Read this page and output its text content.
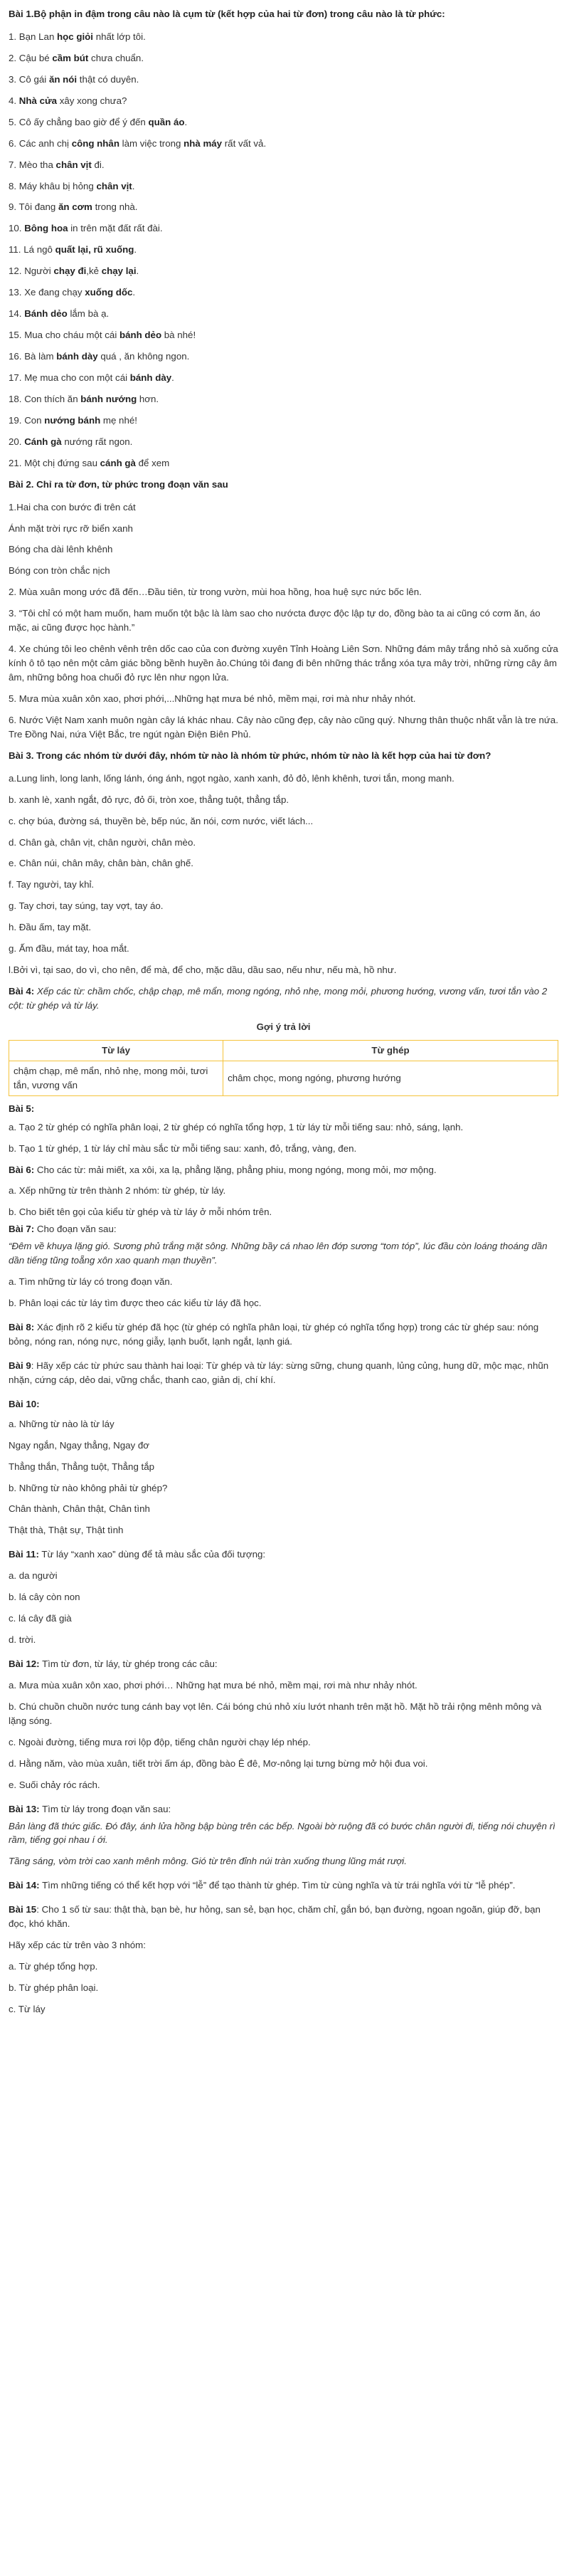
Bài 1.Bộ phận in đậm trong câu nào là cụm từ (kết hợp của hai từ đơn) trong câu nào là từ phức:
1. Bạn Lan học giỏi nhất lớp tôi.
2. Cậu bé cầm bút chưa chuẩn.
3. Cô gái ăn nói thật có duyên.
4. Nhà cửa xây xong chưa?
5. Cô ấy chẳng bao giờ để ý đến quần áo.
6. Các anh chị công nhân làm việc trong nhà máy rất vất vả.
7. Mèo tha chân vịt đi.
8. Máy khâu bị hỏng chân vịt.
9. Tôi đang ăn cơm trong nhà.
10. Bông hoa in trên mặt đất rất đài.
11. Lá ngô quất lại, rũ xuống.
12. Người chạy đi,kẻ chạy lại.
13. Xe đang chạy xuống dốc.
14. Bánh dẻo lắm bà ạ.
15. Mua cho cháu một cái bánh dẻo bà nhé!
16. Bà làm bánh dày quá , ăn không ngon.
17. Mẹ mua cho con một cái bánh dày.
18. Con thích ăn bánh nướng hơn.
19. Con nướng bánh mẹ nhé!
20. Cánh gà nướng rất ngon.
21. Một chị đứng sau cánh gà để xem
Bài 2. Chỉ ra từ đơn, từ phức trong đoạn văn sau
1.Hai cha con bước đi trên cát
Ánh mặt trời rực rỡ biển xanh
Bóng cha dài lênh khênh
Bóng con tròn chắc nịch
2. Mùa xuân mong ước đã đến…Đầu tiên, từ trong vườn, mùi hoa hồng, hoa huệ sực nức bốc lên.
3. “Tôi chỉ có một ham muốn, ham muốn tột bậc là làm sao cho nướcta được độc lập tự do, đồng bào ta ai cũng có cơm ăn, áo mặc, ai cũng được học hành.”
4. Xe chúng tôi leo chênh vênh trên dốc cao của con đường xuyên Tỉnh Hoàng Liên Sơn. Những đám mây trắng nhỏ sà xuống cửa kính ô tô tạo nên một cảm giác bồng bềnh huyền ảo.Chúng tôi đang đi bên những thác trắng xóa tựa mây trời, những rừng cây âm âm, những bông hoa chuối đỏ rực lên như ngọn lửa.
5. Mưa mùa xuân xôn xao, phơi phới,...Những hạt mưa bé nhỏ, mềm mại, rơi mà như nhảy nhót.
6. Nước Việt Nam xanh muôn ngàn cây lá khác nhau. Cây nào cũng đẹp, cây nào cũng quý. Nhưng thân thuộc nhất vẫn là tre nứa. Tre Đồng Nai, nứa Việt Bắc, tre ngút ngàn Điện Biên Phủ.
Bài 3. Trong các nhóm từ dưới đây, nhóm từ nào là nhóm từ phức, nhóm từ nào là kết hợp của hai từ đơn?
a.Lung linh, long lanh, lống lánh, óng ánh, ngọt ngào, xanh xanh, đỏ đỏ, lênh khênh, tươi tắn, mong manh.
b. xanh lè, xanh ngắt, đỏ rực, đỏ ối, tròn xoe, thẳng tuột, thẳng tắp.
c. chợ búa, đường sá, thuyền bè, bếp núc, ăn nói, cơm nước, viết lách...
d. Chân gà, chân vịt, chân người, chân mèo.
e. Chân núi, chân mây, chân bàn, chân ghế.
f. Tay người, tay khỉ.
g. Tay chơi, tay súng, tay vợt, tay áo.
h. Đầu ấm, tay mặt.
g. Ấm đầu, mát tay, hoa mắt.
l.Bởi vì, tại sao, do vì, cho nên, để mà, để cho, mặc dầu, dầu sao, nếu như, nếu mà, hồ như.
Bài 4: Xếp các từ: chầm chốc, chập chạp, mê mẩn, mong ngóng, nhỏ nhẹ, mong mỏi, phương hướng, vương vấn, tươi tắn vào 2 cột: từ ghép và từ láy.
Gợi ý trả lời
Từ láy	Từ ghép
chậm chạp, mê mẩn, nhỏ nhẹ, mong mỏi, tươi tắn, vương vấn	châm chọc, mong ngóng, phương hướng
Bài 5:
a. Tạo 2 từ ghép có nghĩa phân loại, 2 từ ghép có nghĩa tổng hợp, 1 từ láy từ mỗi tiếng sau: nhỏ, sáng, lạnh.
b. Tạo 1 từ ghép, 1 từ láy chỉ màu sắc từ mỗi tiếng sau: xanh, đỏ, trắng, vàng, đen.
Bài 6: Cho các từ: mải miết, xa xôi, xa lạ, phẳng lặng, phẳng phiu, mong ngóng, mong mỏi, mơ mộng.
a. Xếp những từ trên thành 2 nhóm: từ ghép, từ láy.
b. Cho biết tên gọi của kiểu từ ghép và từ láy ở mỗi nhóm trên.
Bài 7: Cho đoạn văn sau:
“Đêm về khuya lặng gió. Sương phủ trắng mặt sông. Những bầy cá nhao lên đớp sương “tom tóp”, lúc đầu còn loáng thoáng dần dần tiếng tũng toẵng xôn xao quanh mạn thuyền”.
a. Tìm những từ láy có trong đoạn văn.
b. Phân loại các từ láy tìm được theo các kiểu từ láy đã học.
Bài 8: Xác định rõ 2 kiểu từ ghép đã học (từ ghép có nghĩa phân loại, từ ghép có nghĩa tổng hợp) trong các từ ghép sau: nóng bỏng, nóng ran, nóng nực, nóng giẫy, lạnh buốt, lạnh ngắt, lạnh giá.
Bài 9: Hãy xếp các từ phức sau thành hai loại: Từ ghép và từ láy: sừng sững, chung quanh, lủng củng, hung dữ, mộc mạc, nhũn nhặn, cứng cáp, dẻo dai, vững chắc, thanh cao, giản dị, chí khí.
Bài 10:
a. Những từ nào là từ láy
Ngay ngắn, Ngay thẳng, Ngay đơ
Thẳng thắn, Thẳng tuột, Thẳng tắp
b. Những từ nào không phải từ ghép?
Chân thành, Chân thật, Chân tình
Thật thà, Thật sự, Thật tình
Bài 11: Từ láy “xanh xao” dùng để tả màu sắc của đối tượng:
a. da người
b. lá cây còn non
c. lá cây đã già
d. trời.
Bài 12: Tìm từ đơn, từ láy, từ ghép trong các câu:
a. Mưa mùa xuân xôn xao, phơi phới… Những hạt mưa bé nhỏ, mềm mại, rơi mà như nhảy nhót.
b. Chú chuồn chuồn nước tung cánh bay vọt lên. Cái bóng chú nhỏ xíu lướt nhanh trên mặt hồ. Mặt hồ trải rộng mênh mông và lặng sóng.
c. Ngoài đường, tiếng mưa rơi lộp độp, tiếng chân người chạy lép nhép.
d. Hằng năm, vào mùa xuân, tiết trời ấm áp, đồng bào Ê đê, Mơ-nông lại tưng bừng mở hội đua voi.
e. Suối chảy róc rách.
Bài 13: Tìm từ láy trong đoạn văn sau:
Bản làng đã thức giấc. Đó đây, ánh lửa hồng bập bùng trên các bếp. Ngoài bờ ruộng đã có bước chân người đi, tiếng nói chuyện rì rầm, tiếng gọi nhau í ới.
Tầng sáng, vòm trời cao xanh mênh mông. Gió từ trên đỉnh núi tràn xuống thung lũng mát rượi.
Bài 14: Tìm những tiếng có thể kết hợp với “lễ” để tạo thành từ ghép. Tìm từ cùng nghĩa và từ trái nghĩa với từ “lễ phép”.
Bài 15: Cho 1 số từ sau: thật thà, bạn bè, hư hỏng, san sẻ, bạn học, chăm chỉ, gắn bó, bạn đường, ngoan ngoãn, giúp đỡ, bạn đọc, khó khăn.
Hãy xếp các từ trên vào 3 nhóm:
a. Từ ghép tổng hợp.
b. Từ ghép phân loại.
c. Từ láy
